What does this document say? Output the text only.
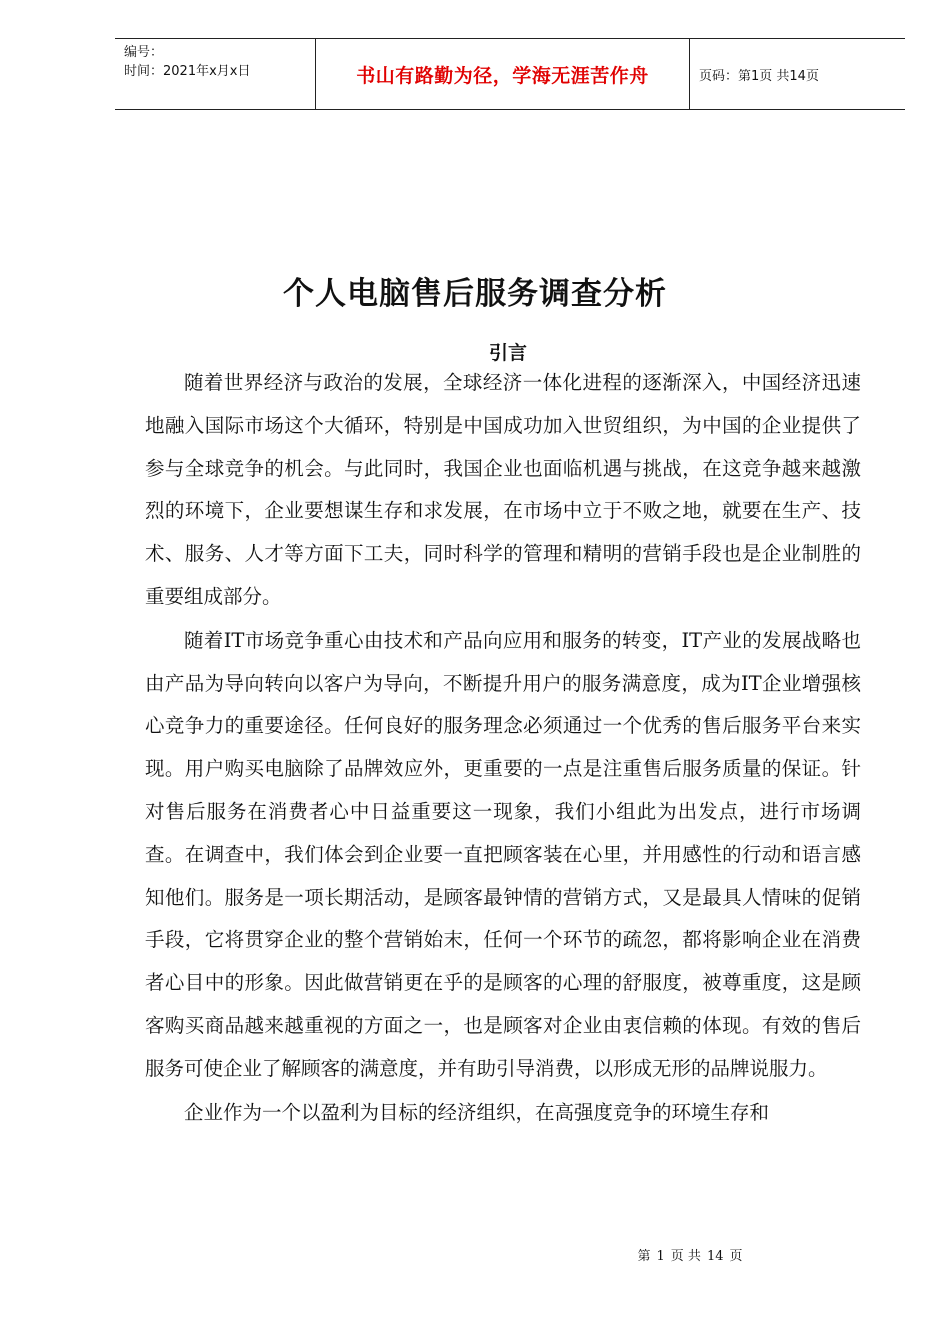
编号：
时间：2021年x月x日	书山有路勤为径，学海无涯苦作舟	页码：第1页 共14页
个人电脑售后服务调查分析
引言

随着世界经济与政治的发展，全球经济一体化进程的逐渐深入，中国经济迅速地融入国际市场这个大循环，特别是中国成功加入世贸组织，为中国的企业提供了参与全球竞争的机会。与此同时，我国企业也面临机遇与挑战，在这竞争越来越激烈的环境下，企业要想谋生存和求发展，在市场中立于不败之地，就要在生产、技术、服务、人才等方面下工夫，同时科学的管理和精明的营销手段也是企业制胜的重要组成部分。

随着IT市场竞争重心由技术和产品向应用和服务的转变，IT产业的发展战略也由产品为导向转向以客户为导向，不断提升用户的服务满意度，成为IT企业增强核心竞争力的重要途径。任何良好的服务理念必须通过一个优秀的售后服务平台来实现。用户购买电脑除了品牌效应外，更重要的一点是注重售后服务质量的保证。针对售后服务在消费者心中日益重要这一现象，我们小组此为出发点，进行市场调查。在调查中，我们体会到企业要一直把顾客装在心里，并用感性的行动和语言感知他们。服务是一项长期活动，是顾客最钟情的营销方式，又是最具人情味的促销手段，它将贯穿企业的整个营销始末，任何一个环节的疏忽，都将影响企业在消费者心目中的形象。因此做营销更在乎的是顾客的心理的舒服度，被尊重度，这是顾客购买商品越来越重视的方面之一，也是顾客对企业由衷信赖的体现。有效的售后服务可使企业了解顾客的满意度，并有助引导消费，以形成无形的品牌说服力。

企业作为一个以盈利为目标的经济组织，在高强度竞争的环境生存和

第 1 页 共 14 页
